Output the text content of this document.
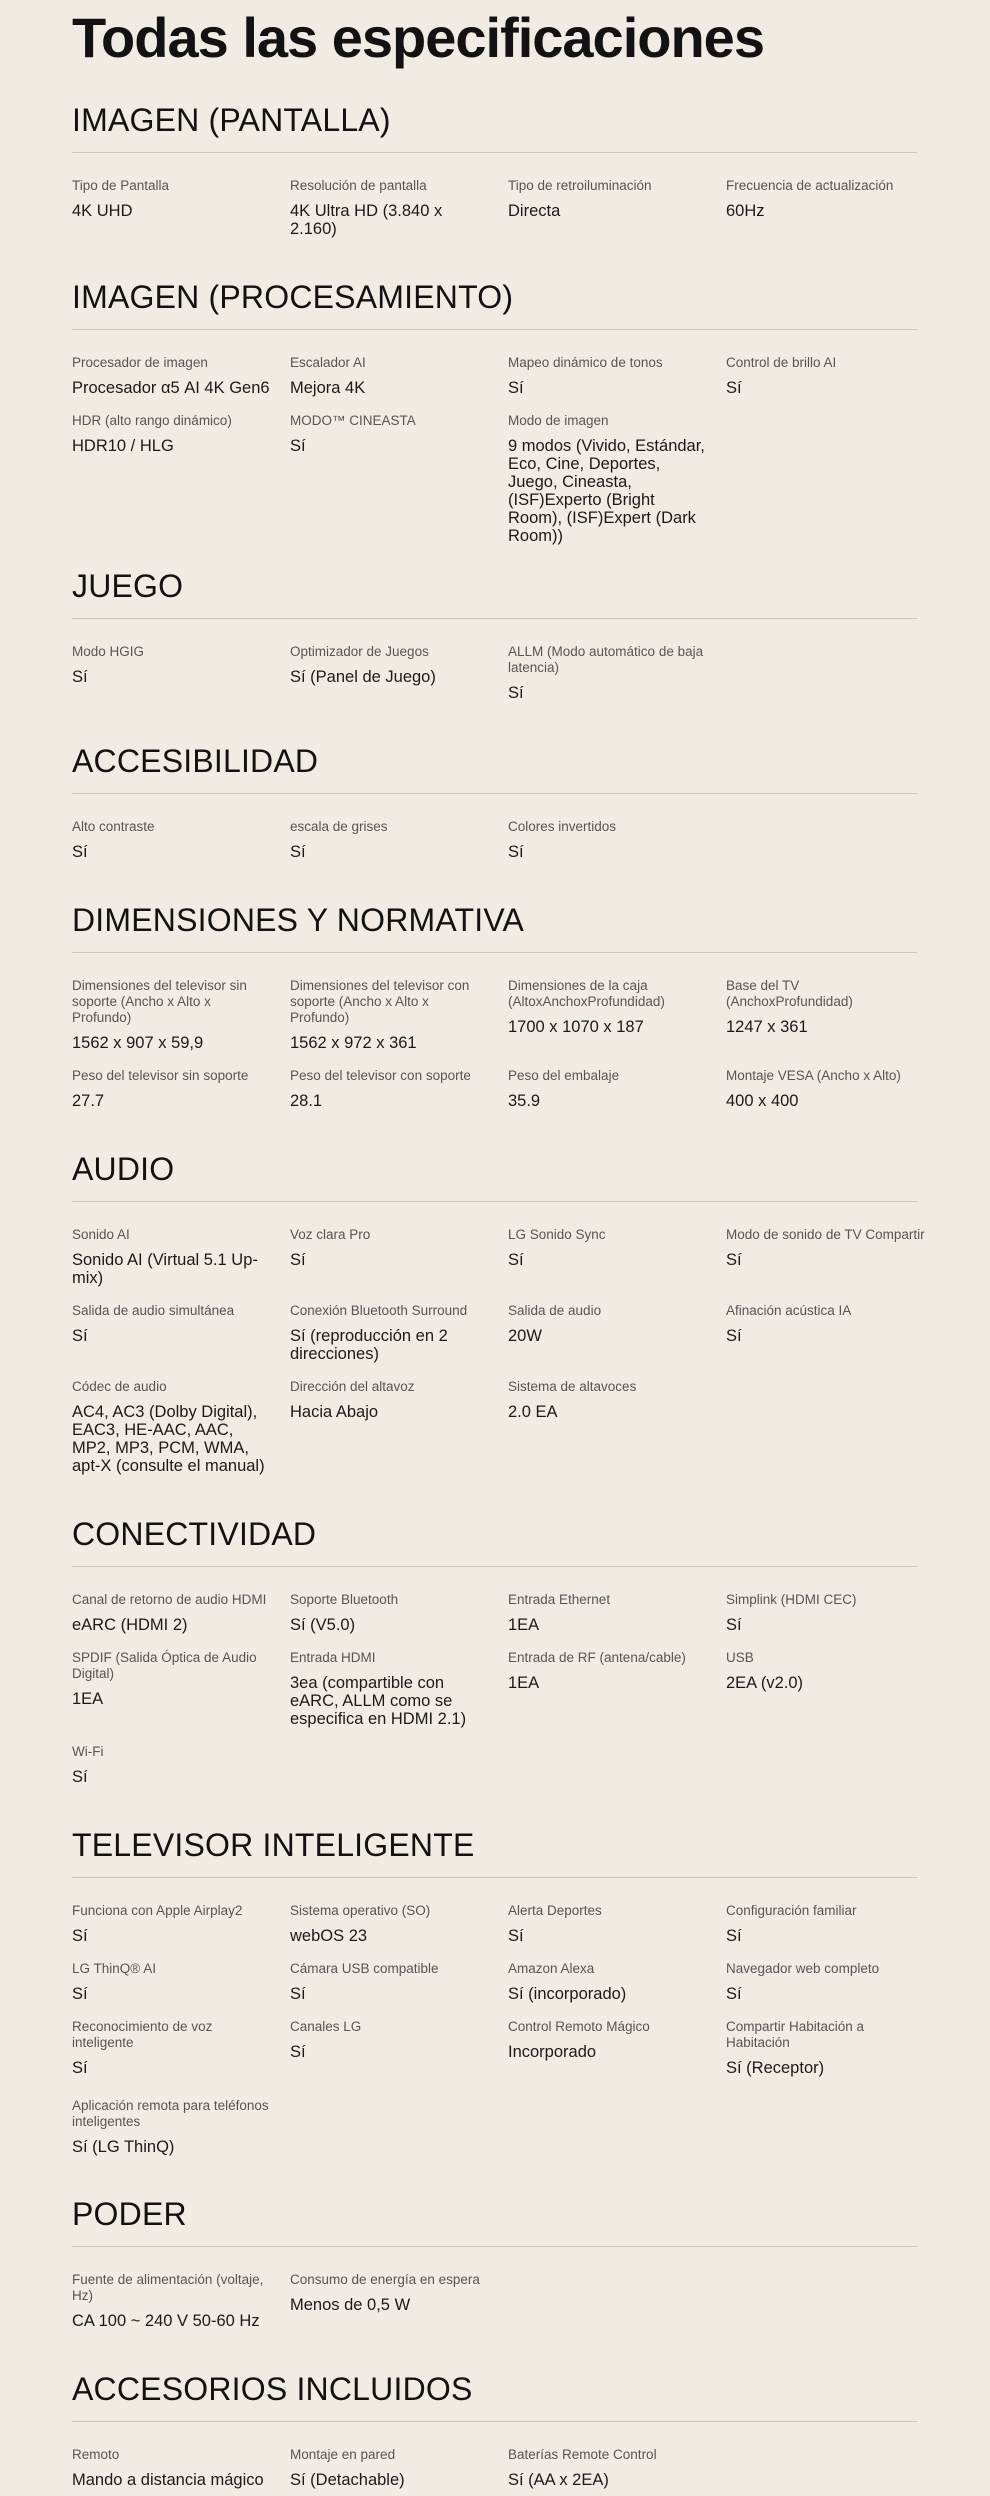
Todas las especificaciones
IMAGEN (PANTALLA)
Tipo de Pantalla
4K UHD
Resolución de pantalla
4K Ultra HD (3.840 x 2.160)
Tipo de retroiluminación
Directa
Frecuencia de actualización
60Hz
IMAGEN (PROCESAMIENTO)
Procesador de imagen
Procesador α5 AI 4K Gen6
Escalador AI
Mejora 4K
Mapeo dinámico de tonos
Sí
Control de brillo AI
Sí
HDR (alto rango dinámico)
HDR10 / HLG
MODO™ CINEASTA
Sí
Modo de imagen
9 modos (Vivido, Estándar, Eco, Cine, Deportes, Juego, Cineasta, (ISF)Experto (Bright Room), (ISF)Expert (Dark Room))
JUEGO
Modo HGIG
Sí
Optimizador de Juegos
Sí (Panel de Juego)
ALLM (Modo automático de baja latencia)
Sí
ACCESIBILIDAD
Alto contraste
Sí
escala de grises
Sí
Colores invertidos
Sí
DIMENSIONES Y NORMATIVA
Dimensiones del televisor sin soporte (Ancho x Alto x Profundo)
1562 x 907 x 59,9
Dimensiones del televisor con soporte (Ancho x Alto x Profundo)
1562 x 972 x 361
Dimensiones de la caja (AltoxAnchoxProfundidad)
1700 x 1070 x 187
Base del TV (AnchoxProfundidad)
1247 x 361
Peso del televisor sin soporte
27.7
Peso del televisor con soporte
28.1
Peso del embalaje
35.9
Montaje VESA (Ancho x Alto)
400 x 400
AUDIO
Sonido AI
Sonido AI (Virtual 5.1 Up-mix)
Voz clara Pro
Sí
LG Sonido Sync
Sí
Modo de sonido de TV Compartir
Sí
Salida de audio simultánea
Sí
Conexión Bluetooth Surround
Sí (reproducción en 2 direcciones)
Salida de audio
20W
Afinación acústica IA
Sí
Códec de audio
AC4, AC3 (Dolby Digital), EAC3, HE-AAC, AAC, MP2, MP3, PCM, WMA, apt-X (consulte el manual)
Dirección del altavoz
Hacia Abajo
Sistema de altavoces
2.0 EA
CONECTIVIDAD
Canal de retorno de audio HDMI
eARC (HDMI 2)
Soporte Bluetooth
Sí (V5.0)
Entrada Ethernet
1EA
Simplink (HDMI CEC)
Sí
SPDIF (Salida Óptica de Audio Digital)
1EA
Entrada HDMI
3ea (compartible con eARC, ALLM como se especifica en HDMI 2.1)
Entrada de RF (antena/cable)
1EA
USB
2EA (v2.0)
Wi-Fi
Sí
TELEVISOR INTELIGENTE
Funciona con Apple Airplay2
Sí
Sistema operativo (SO)
webOS 23
Alerta Deportes
Sí
Configuración familiar
Sí
LG ThinQ® AI
Sí
Cámara USB compatible
Sí
Amazon Alexa
Sí (incorporado)
Navegador web completo
Sí
Reconocimiento de voz inteligente
Sí
Canales LG
Sí
Control Remoto Mágico
Incorporado
Compartir Habitación a Habitación
Sí (Receptor)
Aplicación remota para teléfonos inteligentes
Sí (LG ThinQ)
PODER
Fuente de alimentación (voltaje, Hz)
CA 100 ~ 240 V 50-60 Hz
Consumo de energía en espera
Menos de 0,5 W
ACCESORIOS INCLUIDOS
Remoto
Mando a distancia mágico
Montaje en pared
Sí (Detachable)
Baterías Remote Control
Sí (AA x 2EA)
